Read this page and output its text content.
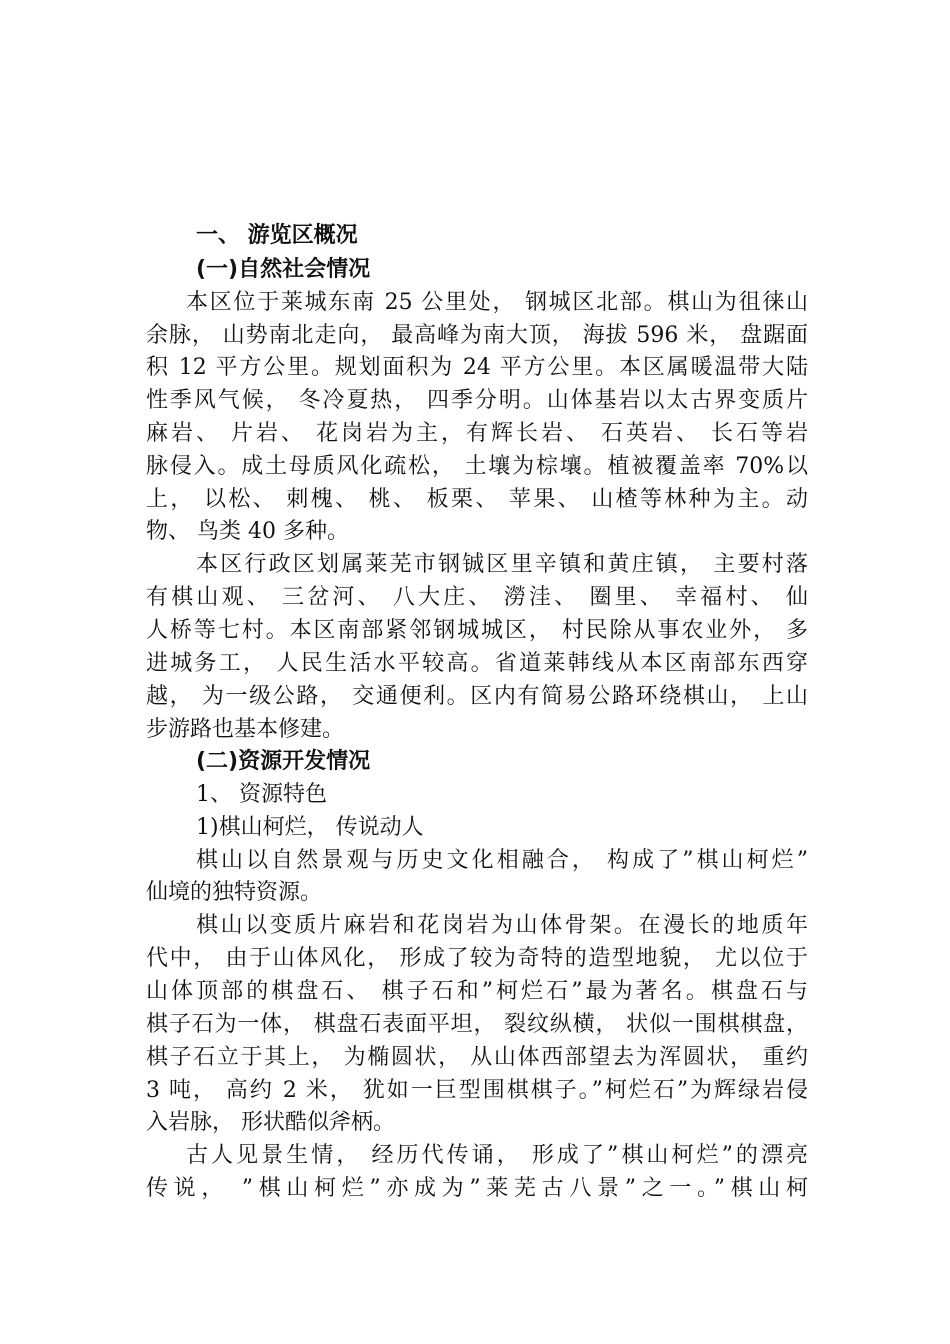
一、 游览区概况
(一)自然社会情况
本区位于莱城东南 25 公里处， 钢城区北部。棋山为徂徕山
余脉， 山势南北走向， 最高峰为南大顶， 海拔 596 米， 盘踞面
积 12 平方公里。规划面积为 24 平方公里。本区属暖温带大陆
性季风气候， 冬冷夏热， 四季分明。山体基岩以太古界变质片
麻岩、 片岩、 花岗岩为主，有辉长岩、 石英岩、 长石等岩
脉侵入。成土母质风化疏松， 土壤为棕壤。植被覆盖率 70%以
上， 以松、 刺槐、 桃、 板栗、 苹果、 山楂等林种为主。动
物、 鸟类 40 多种。
本区行政区划属莱芜市钢铖区里辛镇和黄庄镇， 主要村落
有棋山观、 三岔河、 八大庄、 澇洼、 圈里、 幸福村、 仙
人桥等七村。本区南部紧邻钢城城区， 村民除从事农业外， 多
进城务工， 人民生活水平较高。省道莱韩线从本区南部东西穿
越， 为一级公路， 交通便利。区内有简易公路环绕棋山， 上山
步游路也基本修建。
(二)资源开发情况
1、 资源特色
1)棋山柯烂， 传说动人
棋山以自然景观与历史文化相融合， 构成了”棋山柯烂”
仙境的独特资源。
棋山以变质片麻岩和花岗岩为山体骨架。在漫长的地质年
代中， 由于山体风化， 形成了较为奇特的造型地貌， 尤以位于
山体顶部的棋盘石、 棋子石和”柯烂石”最为著名。棋盘石与
棋子石为一体， 棋盘石表面平坦， 裂纹纵横， 状似一围棋棋盘，
棋子石立于其上， 为椭圆状， 从山体西部望去为浑圆状， 重约
3 吨， 高约 2 米， 犹如一巨型围棋棋子。”柯烂石”为辉绿岩侵
入岩脉， 形状酷似斧柄。
古人见景生情， 经历代传诵， 形成了”棋山柯烂”的漂亮
传说， ”棋山柯烂”亦成为”莱芜古八景”之一。”棋山柯
